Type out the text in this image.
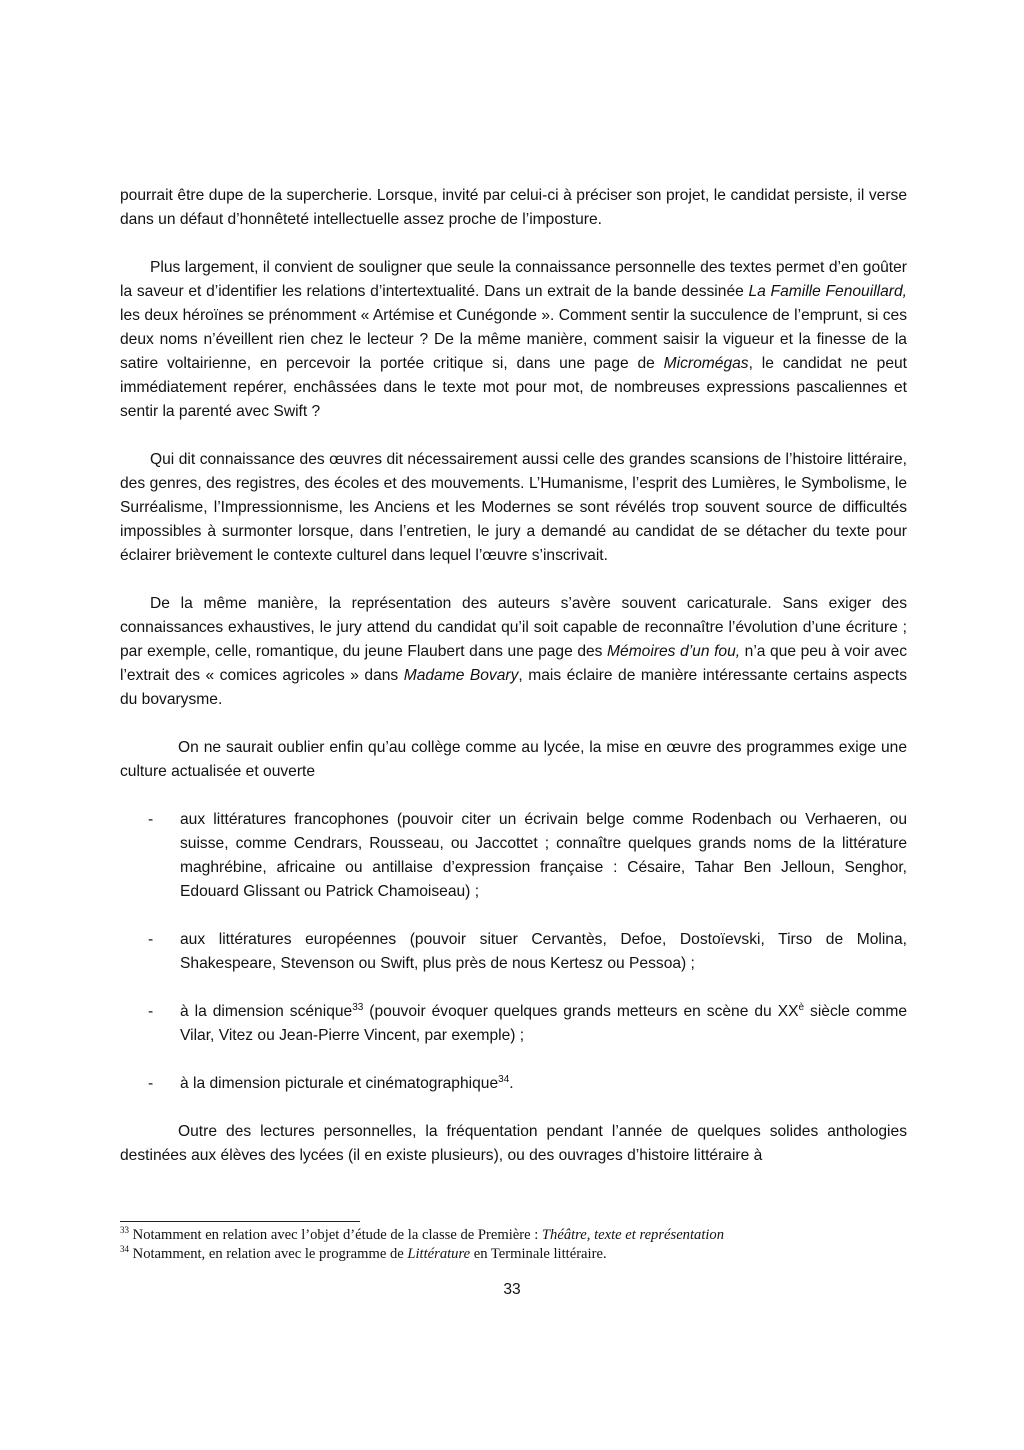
pourrait être dupe de la supercherie. Lorsque, invité par celui-ci à préciser son projet, le candidat persiste, il verse dans un défaut d’honnêteté intellectuelle assez proche de l’imposture.

Plus largement, il convient de souligner que seule la connaissance personnelle des textes permet d’en goûter la saveur et d’identifier les relations d’intertextualité. Dans un extrait de la bande dessinée La Famille Fenouillard, les deux héroïnes se prénomment « Artémise et Cunégonde ». Comment sentir la succulence de l’emprunt, si ces deux noms n’éveillent rien chez le lecteur ? De la même manière, comment saisir la vigueur et la finesse de la satire voltairienne, en percevoir la portée critique si, dans une page de Micromégas, le candidat ne peut immédiatement repérer, enchâssées dans le texte mot pour mot, de nombreuses expressions pascaliennes et sentir la parenté avec Swift ?

Qui dit connaissance des œuvres dit nécessairement aussi celle des grandes scansions de l’histoire littéraire, des genres, des registres, des écoles et des mouvements. L’Humanisme, l’esprit des Lumières, le Symbolisme, le Surréalisme, l’Impressionnisme, les Anciens et les Modernes se sont révélés trop souvent source de difficultés impossibles à surmonter lorsque, dans l’entretien, le jury a demandé au candidat de se détacher du texte pour éclairer brièvement le contexte culturel dans lequel l’œuvre s’inscrivait.

De la même manière, la représentation des auteurs s’avère souvent caricaturale. Sans exiger des connaissances exhaustives, le jury attend du candidat qu’il soit capable de reconnaître l’évolution d’une écriture ; par exemple, celle, romantique, du jeune Flaubert dans une page des Mémoires d’un fou, n’a que peu à voir avec l’extrait des « comices agricoles » dans Madame Bovary, mais éclaire de manière intéressante certains aspects du bovarysme.

On ne saurait oublier enfin qu’au collège comme au lycée, la mise en œuvre des programmes exige une culture actualisée et ouverte

- aux littératures francophones (pouvoir citer un écrivain belge comme Rodenbach ou Verhaeren, ou suisse, comme Cendrars, Rousseau, ou Jaccottet ; connaître quelques grands noms de la littérature maghrébine, africaine ou antillaise d’expression française : Césaire, Tahar Ben Jelloun, Senghor, Edouard Glissant ou Patrick Chamoiseau) ;
- aux littératures européennes (pouvoir situer Cervantès, Defoe, Dostoïevski, Tirso de Molina, Shakespeare, Stevenson ou Swift, plus près de nous Kertesz ou Pessoa) ;
- à la dimension scénique$^{33}$ (pouvoir évoquer quelques grands metteurs en scène du $XX^è$ siècle comme Vilar, Vitez ou Jean-Pierre Vincent, par exemple) ;
- à la dimension picturale et cinématographique$^{34}$.

Outre des lectures personnelles, la fréquentation pendant l’année de quelques solides anthologies destinées aux élèves des lycées (il en existe plusieurs), ou des ouvrages d’histoire littéraire à

$^{33}$ Notamment en relation avec l’objet d’étude de la classe de Première : Théâtre, texte et représentation

$^{34}$ Notamment, en relation avec le programme de Littérature en Terminale littéraire.

33
